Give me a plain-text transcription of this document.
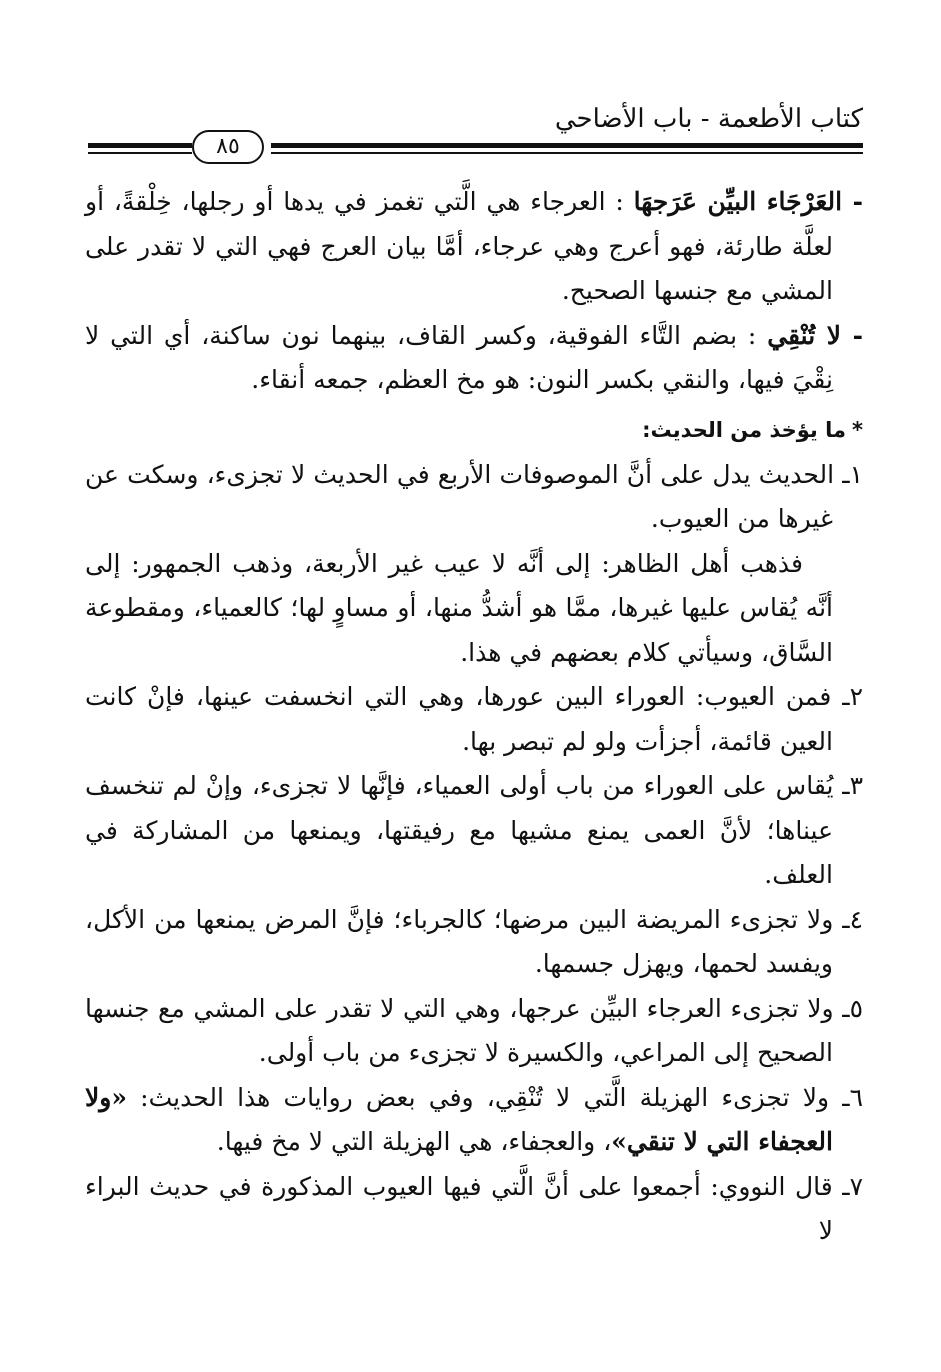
كتاب الأطعمة - باب الأضاحي
٨٥

- العَرْجَاء البيِّن عَرَجهَا : العرجاء هي الَّتي تغمز في يدها أو رجلها، خِلْقةً، أو لعلَّة طارئة، فهو أعرج وهي عرجاء، أمَّا بيان العرج فهي التي لا تقدر على المشي مع جنسها الصحيح.

- لا تُنْقِي : بضم التَّاء الفوقية، وكسر القاف، بينهما نون ساكنة، أي التي لا نِقْيَ فيها، والنقي بكسر النون: هو مخ العظم، جمعه أنقاء.

*ما يؤخذ من الحديث:

١ـ الحديث يدل على أنَّ الموصوفات الأربع في الحديث لا تجزىء، وسكت عن غيرها من العيوب.

فذهب أهل الظاهر: إلى أنَّه لا عيب غير الأربعة، وذهب الجمهور: إلى أنَّه يُقاس عليها غيرها، ممَّا هو أشدُّ منها، أو مساوٍ لها؛ كالعمياء، ومقطوعة السَّاق، وسيأتي كلام بعضهم في هذا.

٢ـ فمن العيوب: العوراء البين عورها، وهي التي انخسفت عينها، فإنْ كانت العين قائمة، أجزأت ولو لم تبصر بها.

٣ـ يُقاس على العوراء من باب أولى العمياء، فإنَّها لا تجزىء، وإنْ لم تنخسف عيناها؛ لأنَّ العمى يمنع مشيها مع رفيقتها، ويمنعها من المشاركة في العلف.

٤ـ ولا تجزىء المريضة البين مرضها؛ كالجرباء؛ فإنَّ المرض يمنعها من الأكل، ويفسد لحمها، ويهزل جسمها.

٥ـ ولا تجزىء العرجاء البيِّن عرجها، وهي التي لا تقدر على المشي مع جنسها الصحيح إلى المراعي، والكسيرة لا تجزىء من باب أولى.

٦ـ ولا تجزىء الهزيلة الَّتي لا تُنْقِي، وفي بعض روايات هذا الحديث: «ولا العجفاء التي لا تنقي»، والعجفاء، هي الهزيلة التي لا مخ فيها.

٧ـ قال النووي: أجمعوا على أنَّ الَّتي فيها العيوب المذكورة في حديث البراء لا
